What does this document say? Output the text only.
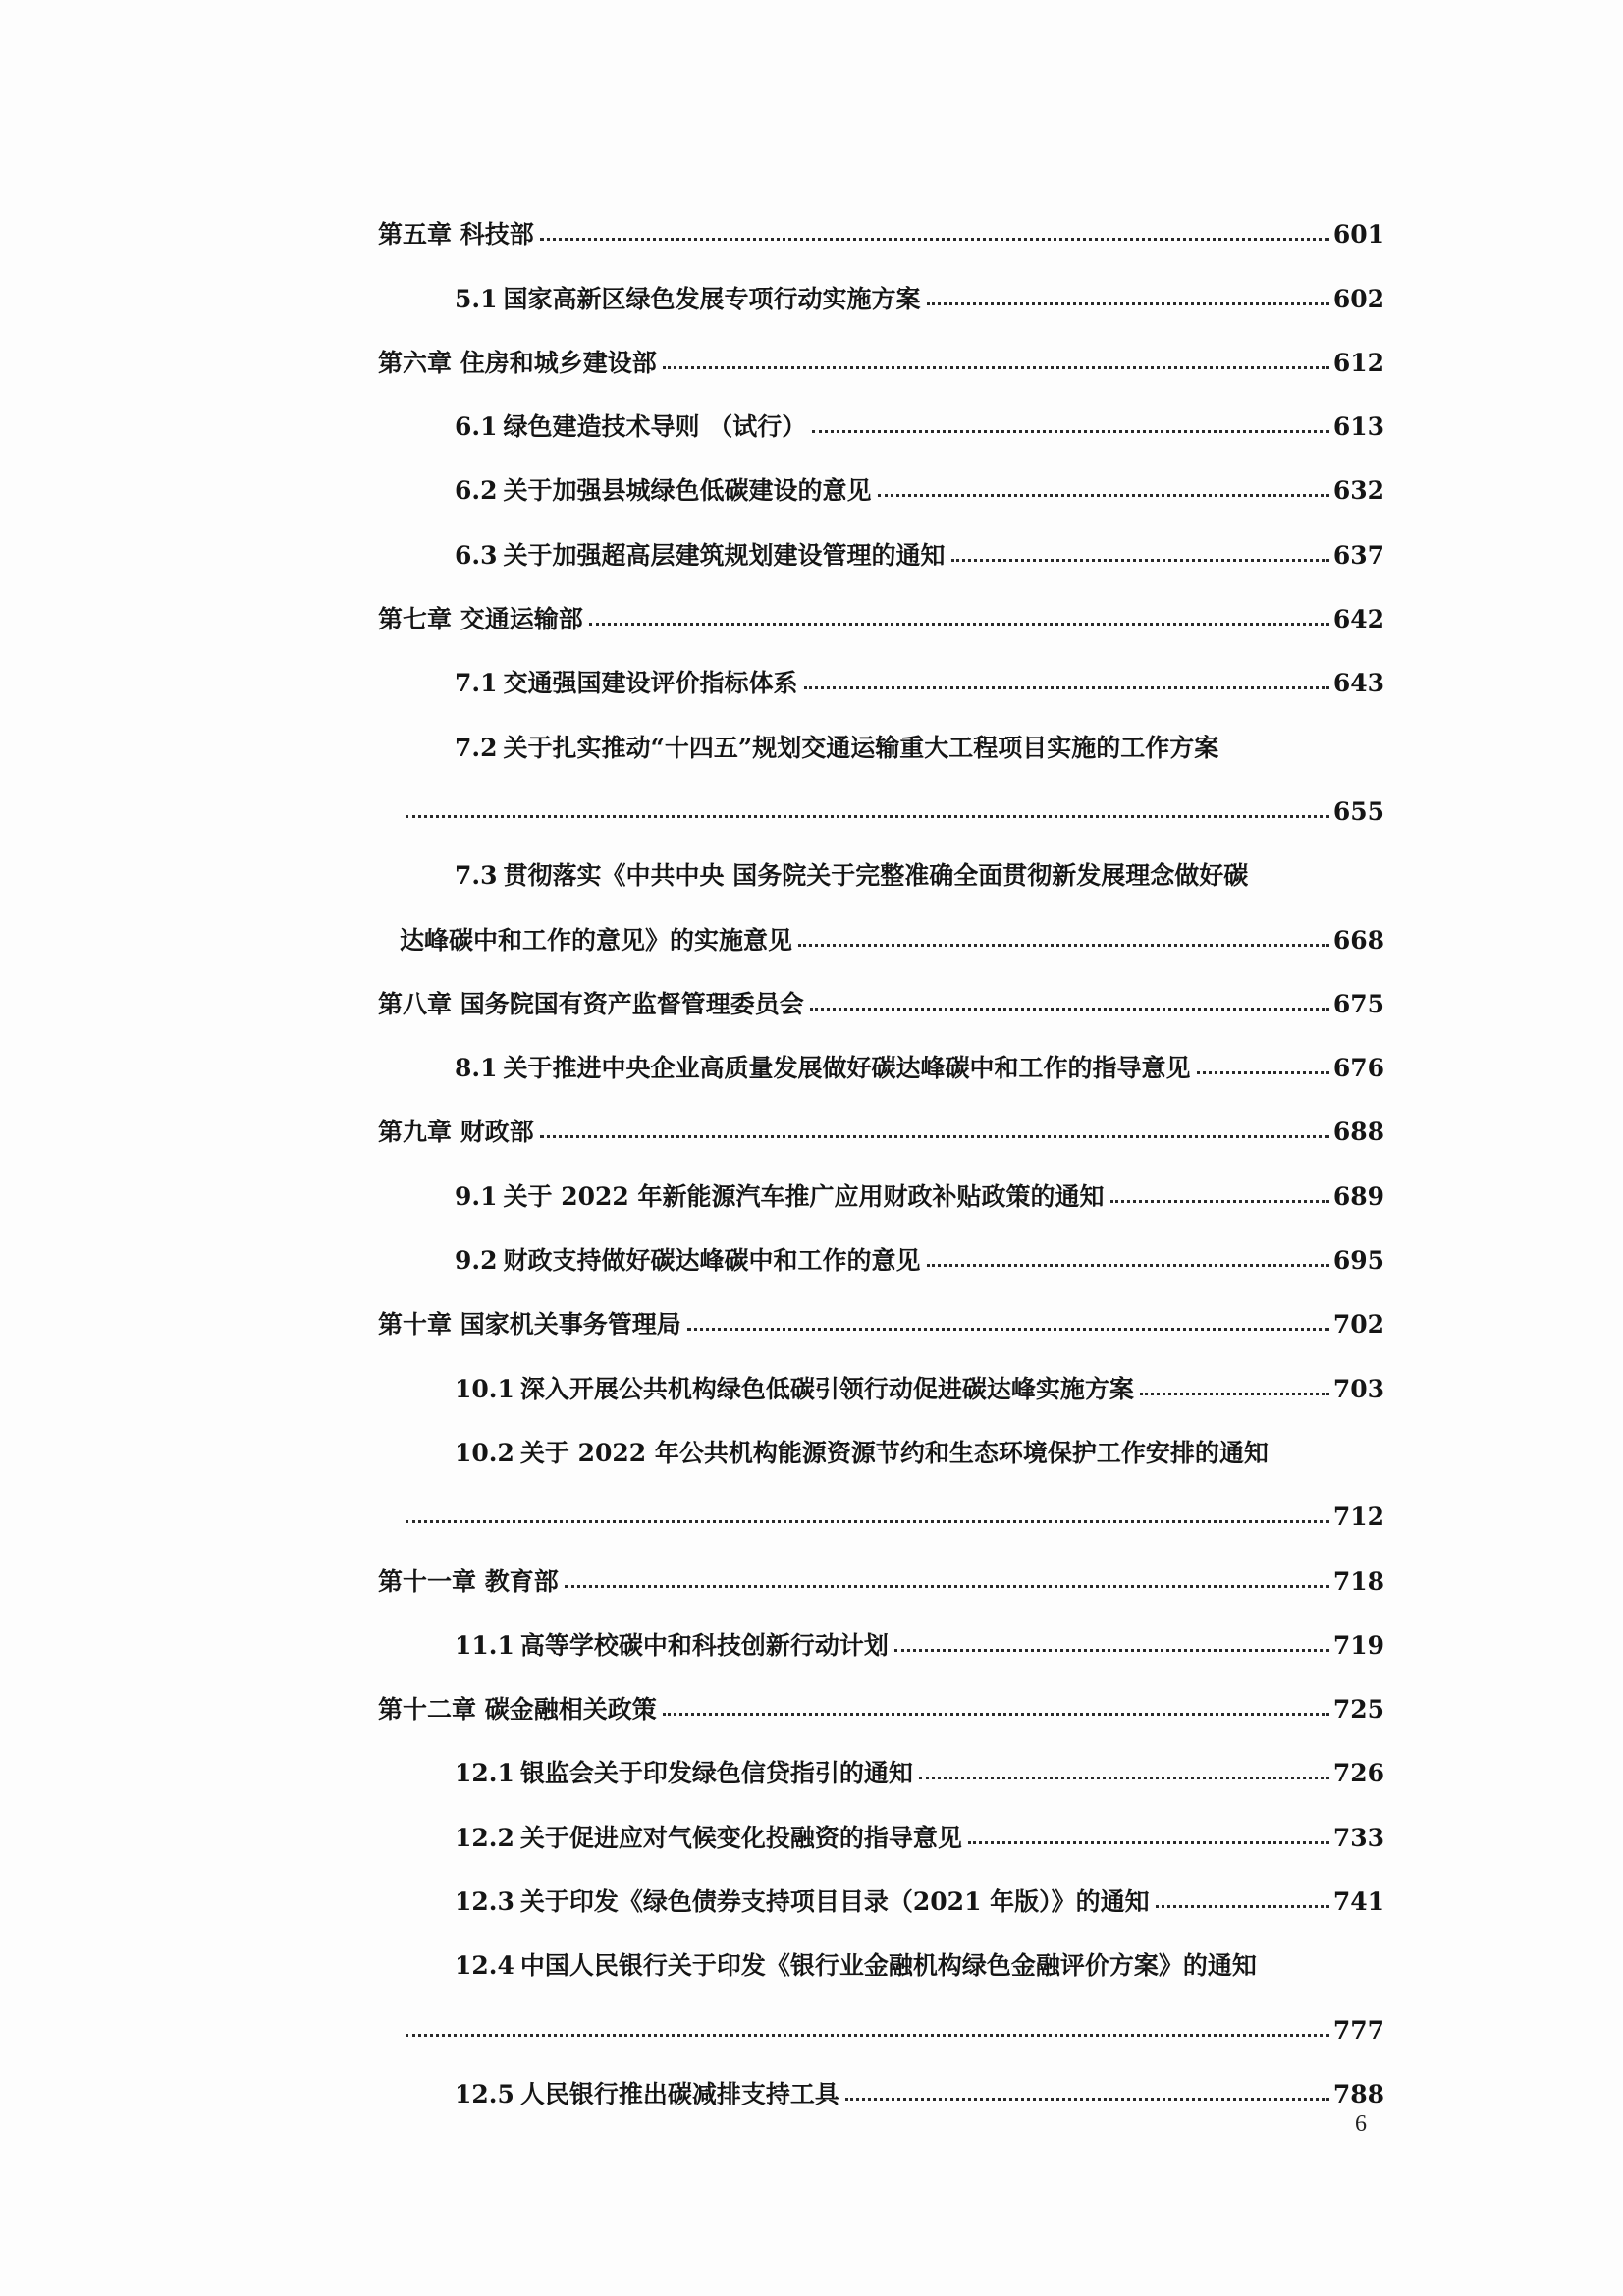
第五章 科技部	601
5.1 国家高新区绿色发展专项行动实施方案	602
第六章 住房和城乡建设部	612
6.1 绿色建造技术导则 （试行）	613
6.2 关于加强县城绿色低碳建设的意见	632
6.3 关于加强超高层建筑规划建设管理的通知	637
第七章 交通运输部	642
7.1 交通强国建设评价指标体系	643
7.2 关于扎实推动“十四五”规划交通运输重大工程项目实施的工作方案
655
7.3 贯彻落实《中共中央 国务院关于完整准确全面贯彻新发展理念做好碳
达峰碳中和工作的意见》的实施意见	668
第八章 国务院国有资产监督管理委员会	675
8.1 关于推进中央企业高质量发展做好碳达峰碳中和工作的指导意见	676
第九章 财政部	688
9.1 关于 2022 年新能源汽车推广应用财政补贴政策的通知	689
9.2 财政支持做好碳达峰碳中和工作的意见	695
第十章 国家机关事务管理局	702
10.1 深入开展公共机构绿色低碳引领行动促进碳达峰实施方案	703
10.2 关于 2022 年公共机构能源资源节约和生态环境保护工作安排的通知
712
第十一章 教育部	718
11.1 高等学校碳中和科技创新行动计划	719
第十二章 碳金融相关政策	725
12.1 银监会关于印发绿色信贷指引的通知	726
12.2 关于促进应对气候变化投融资的指导意见	733
12.3 关于印发《绿色债券支持项目目录（2021 年版）》的通知	741
12.4 中国人民银行关于印发《银行业金融机构绿色金融评价方案》的通知
777
12.5 人民银行推出碳减排支持工具	788
6
